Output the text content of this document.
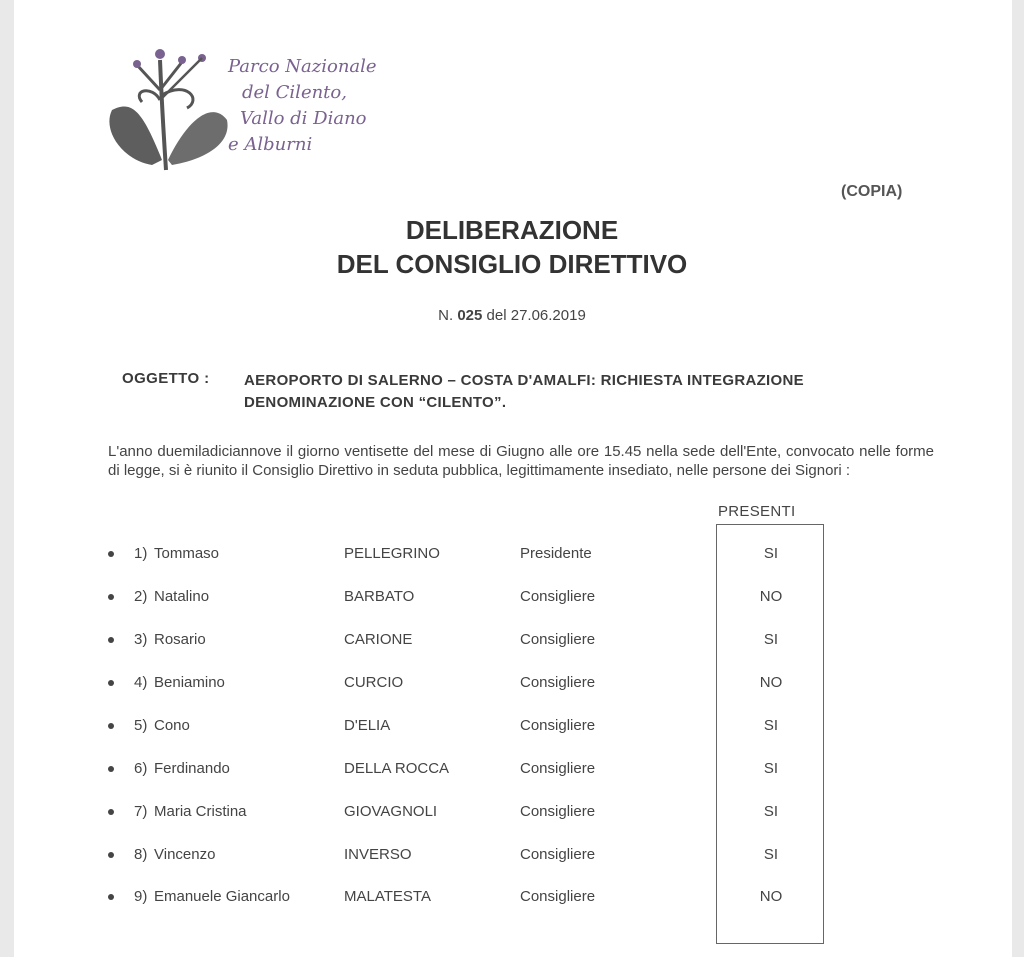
Parco Nazionale
del Cilento,
Vallo di Diano
e Alburni
(COPIA)
DELIBERAZIONE
DEL CONSIGLIO DIRETTIVO
N. 025 del 27.06.2019
OGGETTO : AEROPORTO DI SALERNO – COSTA D'AMALFI: RICHIESTA INTEGRAZIONE DENOMINAZIONE CON “CILENTO”.
L'anno duemiladiciannove il giorno ventisette del mese di Giugno alle ore 15.45 nella sede dell'Ente, convocato nelle forme di legge, si è riunito il Consiglio Direttivo in seduta pubblica, legittimamente insediato, nelle persone dei Signori :
PRESENTI
1) Tommaso	PELLEGRINO	Presidente	SI
2) Natalino	BARBATO	Consigliere	NO
3) Rosario	CARIONE	Consigliere	SI
4) Beniamino	CURCIO	Consigliere	NO
5) Cono	D'ELIA	Consigliere	SI
6) Ferdinando	DELLA ROCCA	Consigliere	SI
7) Maria Cristina	GIOVAGNOLI	Consigliere	SI
8) Vincenzo	INVERSO	Consigliere	SI
9) Emanuele Giancarlo	MALATESTA	Consigliere	NO
